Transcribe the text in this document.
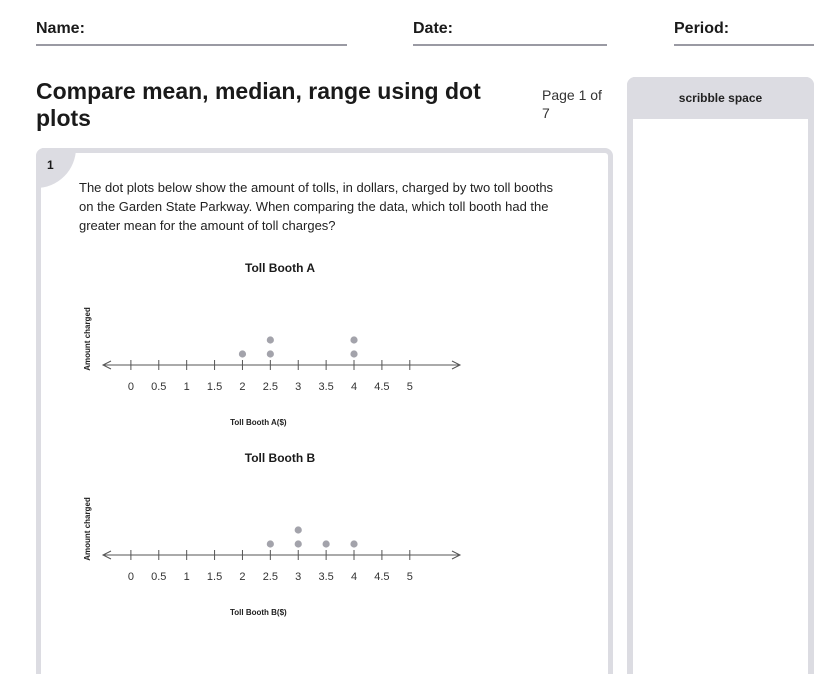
Name:	Date:	Period:
Compare mean, median, range using dot plots
Page 1 of 7
1
The dot plots below show the amount of tolls, in dollars, charged by two toll booths on the Garden State Parkway. When comparing the data, which toll booth had the greater mean for the amount of toll charges?
Toll Booth A
0 0.5 1 1.5 2 2.5 3 3.5 4 4.5 5
Amount charged
Toll Booth A($)
Toll Booth B
0 0.5 1 1.5 2 2.5 3 3.5 4 4.5 5
Amount charged
Toll Booth B($)
scribble space
